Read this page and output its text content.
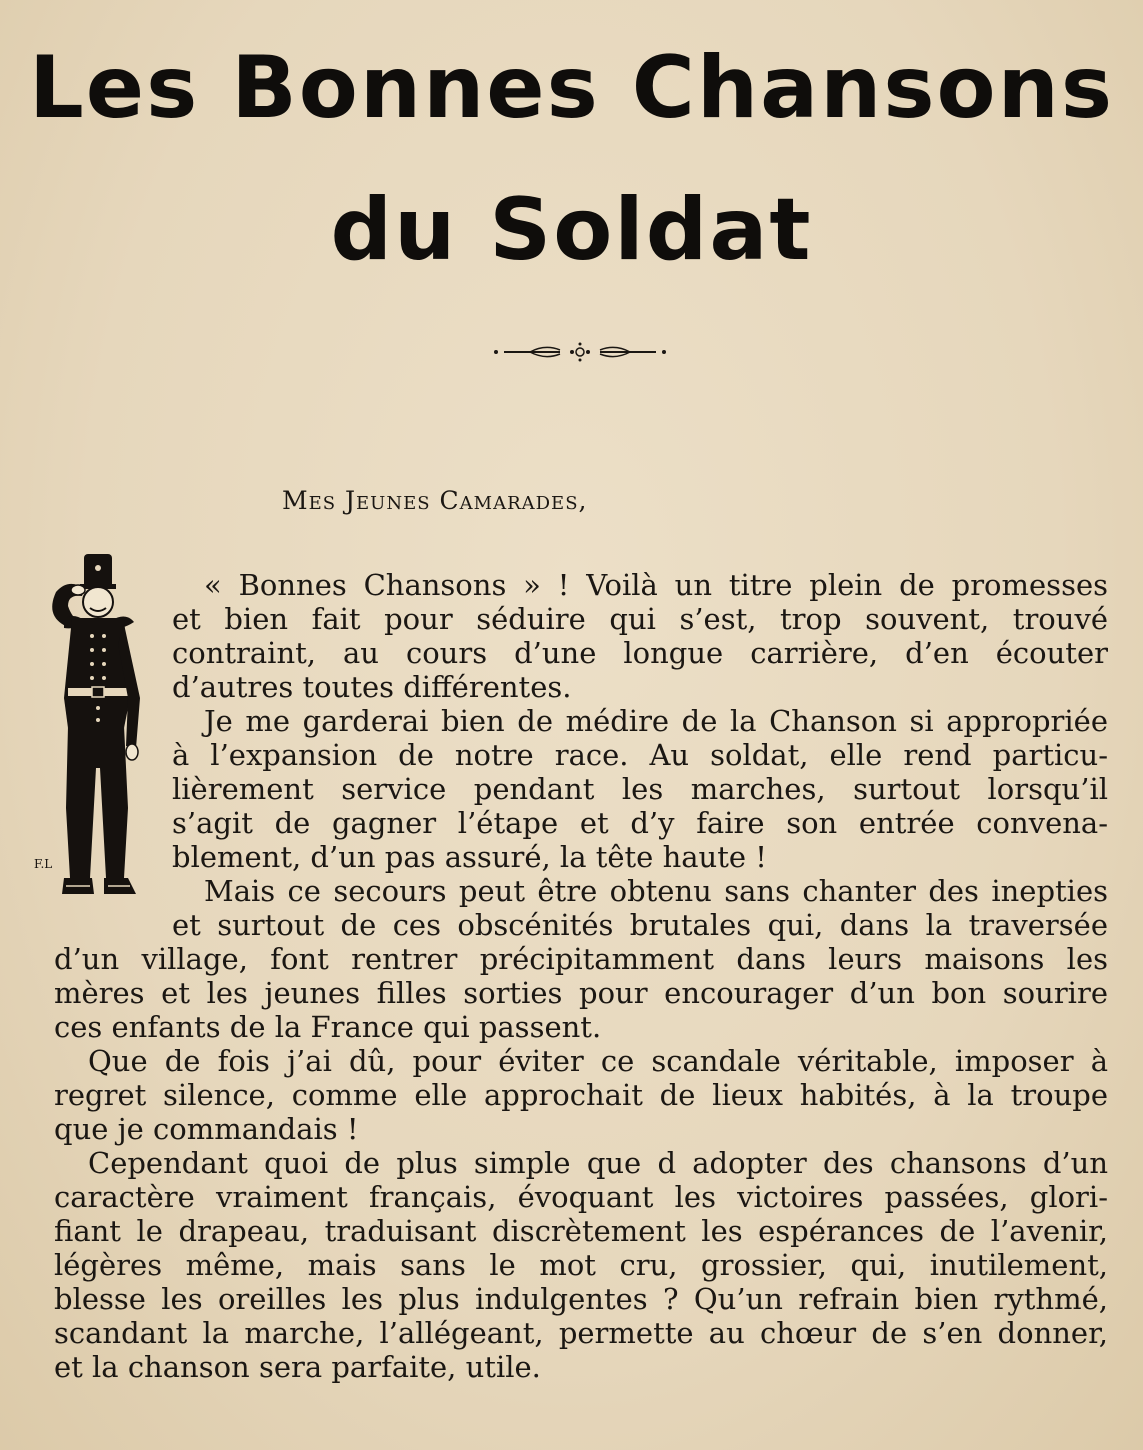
Les Bonnes Chansons
du Soldat
Mes Jeunes Camarades,
F.L
« Bonnes Chansons » ! Voilà un titre plein de promesses
et bien fait pour séduire qui s’est, trop souvent, trouvé
contraint, au cours d’une longue carrière, d’en écouter
d’autres toutes différentes.
Je me garderai bien de médire de la Chanson si appropriée
à l’expansion de notre race. Au soldat, elle rend particu-
lièrement service pendant les marches, surtout lorsqu’il
s’agit de gagner l’étape et d’y faire son entrée convena-
blement, d’un pas assuré, la tête haute !
Mais ce secours peut être obtenu sans chanter des inepties
et surtout de ces obscénités brutales qui, dans la traversée
d’un village, font rentrer précipitamment dans leurs maisons les
mères et les jeunes filles sorties pour encourager d’un bon sourire
ces enfants de la France qui passent.
Que de fois j’ai dû, pour éviter ce scandale véritable, imposer à
regret silence, comme elle approchait de lieux habités, à la troupe
que je commandais !
Cependant quoi de plus simple que d adopter des chansons d’un
caractère vraiment français, évoquant les victoires passées, glori-
fiant le drapeau, traduisant discrètement les espérances de l’avenir,
légères même, mais sans le mot cru, grossier, qui, inutilement,
blesse les oreilles les plus indulgentes ? Qu’un refrain bien rythmé,
scandant la marche, l’allégeant, permette au chœur de s’en donner,
et la chanson sera parfaite, utile.
